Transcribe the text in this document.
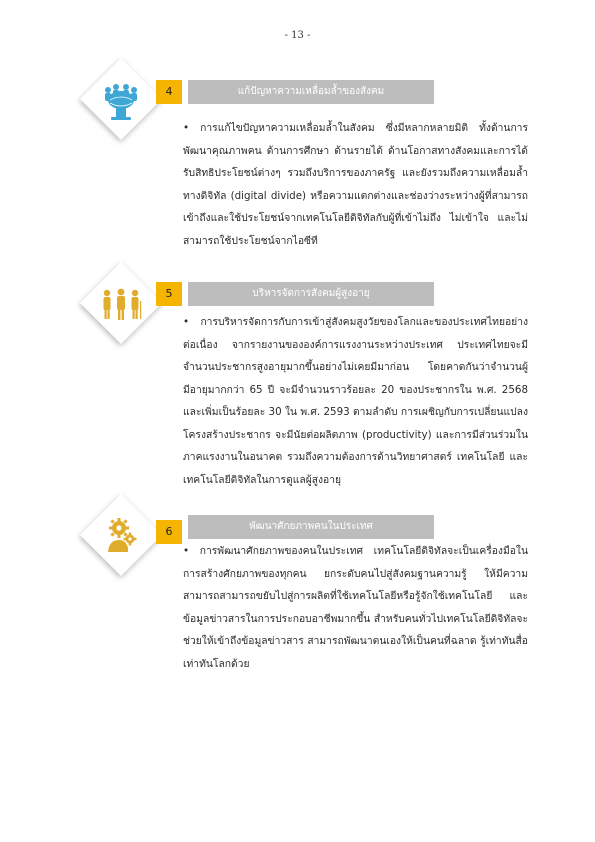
- 13 -
4	แก้ปัญหาความเหลื่อมล้ำของสังคม
• การแก้ไขปัญหาความเหลื่อมล้ำในสังคม ซึ่งมีหลากหลายมิติ ทั้งด้านการพัฒนาคุณภาพคน ด้านการศึกษา ด้านรายได้ ด้านโอกาสทางสังคมและการได้รับสิทธิประโยชน์ต่างๆ รวมถึงบริการของภาครัฐ และยังรวมถึงความเหลื่อมล้ำทางดิจิทัล (digital divide) หรือความแตกต่างและช่องว่างระหว่างผู้ที่สามารถเข้าถึงและใช้ประโยชน์จากเทคโนโลยีดิจิทัลกับผู้ที่เข้าไม่ถึง ไม่เข้าใจ และไม่สามารถใช้ประโยชน์จากไอซีที
5	บริหารจัดการสังคมผู้สูงอายุ
• การบริหารจัดการกับการเข้าสู่สังคมสูงวัยของโลกและของประเทศไทยอย่างต่อเนื่อง จากรายงานขององค์การแรงงานระหว่างประเทศ ประเทศไทยจะมีจำนวนประชากรสูงอายุมากขึ้นอย่างไม่เคยมีมาก่อน โดยคาดกันว่าจำนวนผู้มีอายุมากกว่า 65 ปี จะมีจำนวนราวร้อยละ 20 ของประชากรใน พ.ศ. 2568 และเพิ่มเป็นร้อยละ 30 ใน พ.ศ. 2593 ตามลำดับ การเผชิญกับการเปลี่ยนแปลงโครงสร้างประชากร จะมีนัยต่อผลิตภาพ (productivity) และการมีส่วนร่วมในภาคแรงงานในอนาคต รวมถึงความต้องการด้านวิทยาศาสตร์ เทคโนโลยี และเทคโนโลยีดิจิทัลในการดูแลผู้สูงอายุ
6	พัฒนาศักยภาพคนในประเทศ
• การพัฒนาศักยภาพของคนในประเทศ เทคโนโลยีดิจิทัลจะเป็นเครื่องมือในการสร้างศักยภาพของทุกคน ยกระดับคนไปสู่สังคมฐานความรู้ ให้มีความสามารถสามารถขยับไปสู่การผลิตที่ใช้เทคโนโลยีหรือรู้จักใช้เทคโนโลยี และข้อมูลข่าวสารในการประกอบอาชีพมากขึ้น สำหรับคนทั่วไปเทคโนโลยีดิจิทัลจะช่วยให้เข้าถึงข้อมูลข่าวสาร สามารถพัฒนาตนเองให้เป็นคนที่ฉลาด รู้เท่าทันสื่อ เท่าทันโลกด้วย
